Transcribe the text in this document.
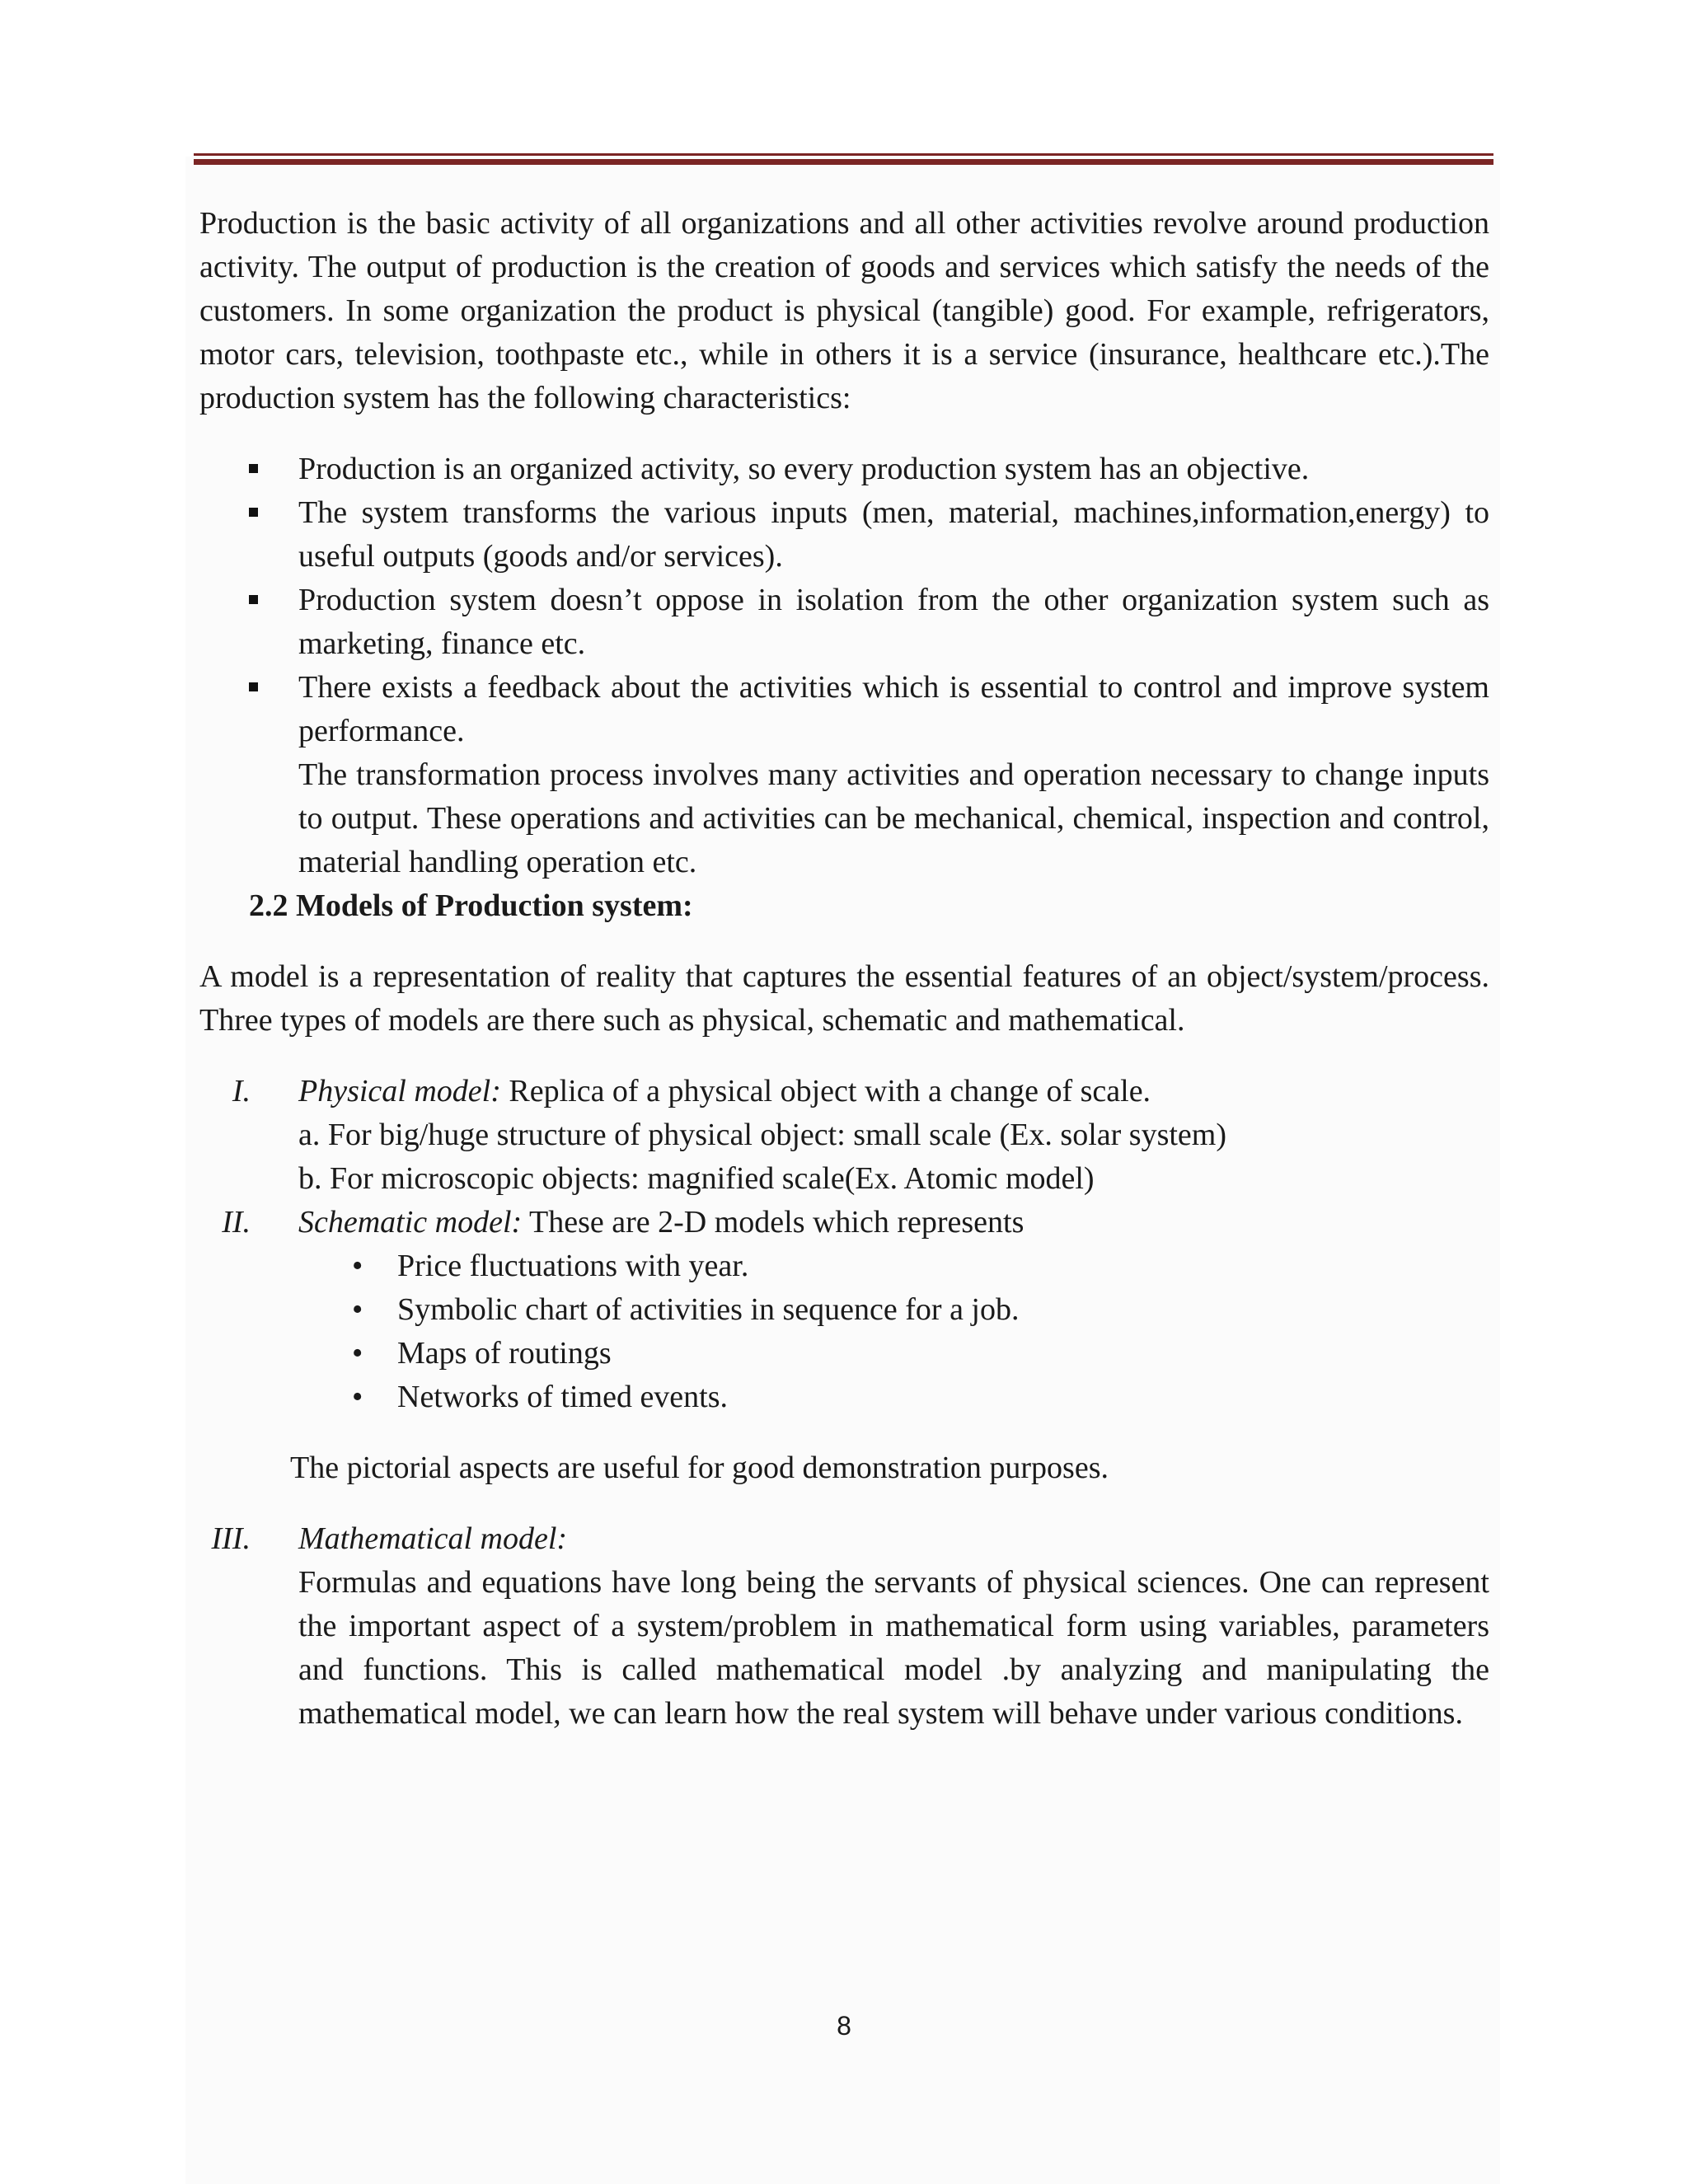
Production is the basic activity of all organizations and all other activities revolve around production activity. The output of production is the creation of goods and services which satisfy the needs of the customers. In some organization the product is physical (tangible) good. For example, refrigerators, motor cars, television, toothpaste etc., while in others it is a service (insurance, healthcare etc.).The production system has the following characteristics:

Production is an organized activity, so every production system has an objective.
The system transforms the various inputs (men, material, machines,information,energy) to useful outputs (goods and/or services).
Production system doesn’t oppose in isolation from the other organization system such as marketing, finance etc.
There exists a feedback about the activities which is essential to control and improve system performance.

The transformation process involves many activities and operation necessary to change inputs to output. These operations and activities can be mechanical, chemical, inspection and control, material handling operation etc.

2.2 Models of Production system:

A model is a representation of reality that captures the essential features of an object/system/process. Three types of models are there such as physical, schematic and mathematical.

I. Physical model: Replica of a physical object with a change of scale.

a. For big/huge structure of physical object: small scale (Ex. solar system)

b. For microscopic objects: magnified scale(Ex. Atomic model)

II. Schematic model: These are 2-D models which represents
• Price fluctuations with year.
• Symbolic chart of activities in sequence for a job.
• Maps of routings
• Networks of timed events.

The pictorial aspects are useful for good demonstration purposes.

III. Mathematical model:

Formulas and equations have long being the servants of physical sciences. One can represent the important aspect of a system/problem in mathematical form using variables, parameters and functions. This is called mathematical model .by analyzing and manipulating the mathematical model, we can learn how the real system will behave under various conditions.

8
